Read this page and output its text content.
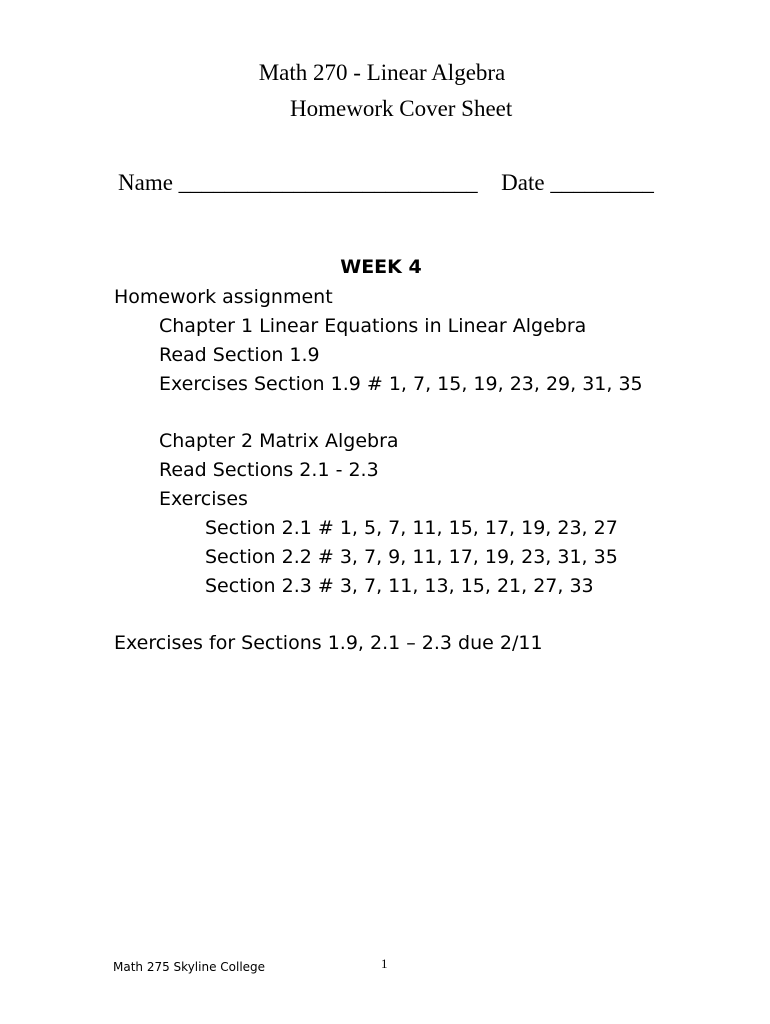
Math 270 - Linear Algebra
Homework Cover Sheet
Name __________________________ Date _________
WEEK 4
Homework assignment
Chapter 1 Linear Equations in Linear Algebra
Read Section 1.9
Exercises Section 1.9 # 1, 7, 15, 19, 23, 29, 31, 35
Chapter 2 Matrix Algebra
Read Sections 2.1 - 2.3
Exercises
Section 2.1 # 1, 5, 7, 11, 15, 17, 19, 23, 27
Section 2.2 # 3, 7, 9, 11, 17, 19, 23, 31, 35
Section 2.3 # 3, 7, 11, 13, 15, 21, 27, 33
Exercises for Sections 1.9, 2.1 – 2.3 due 2/11
Math 275 Skyline College	1
